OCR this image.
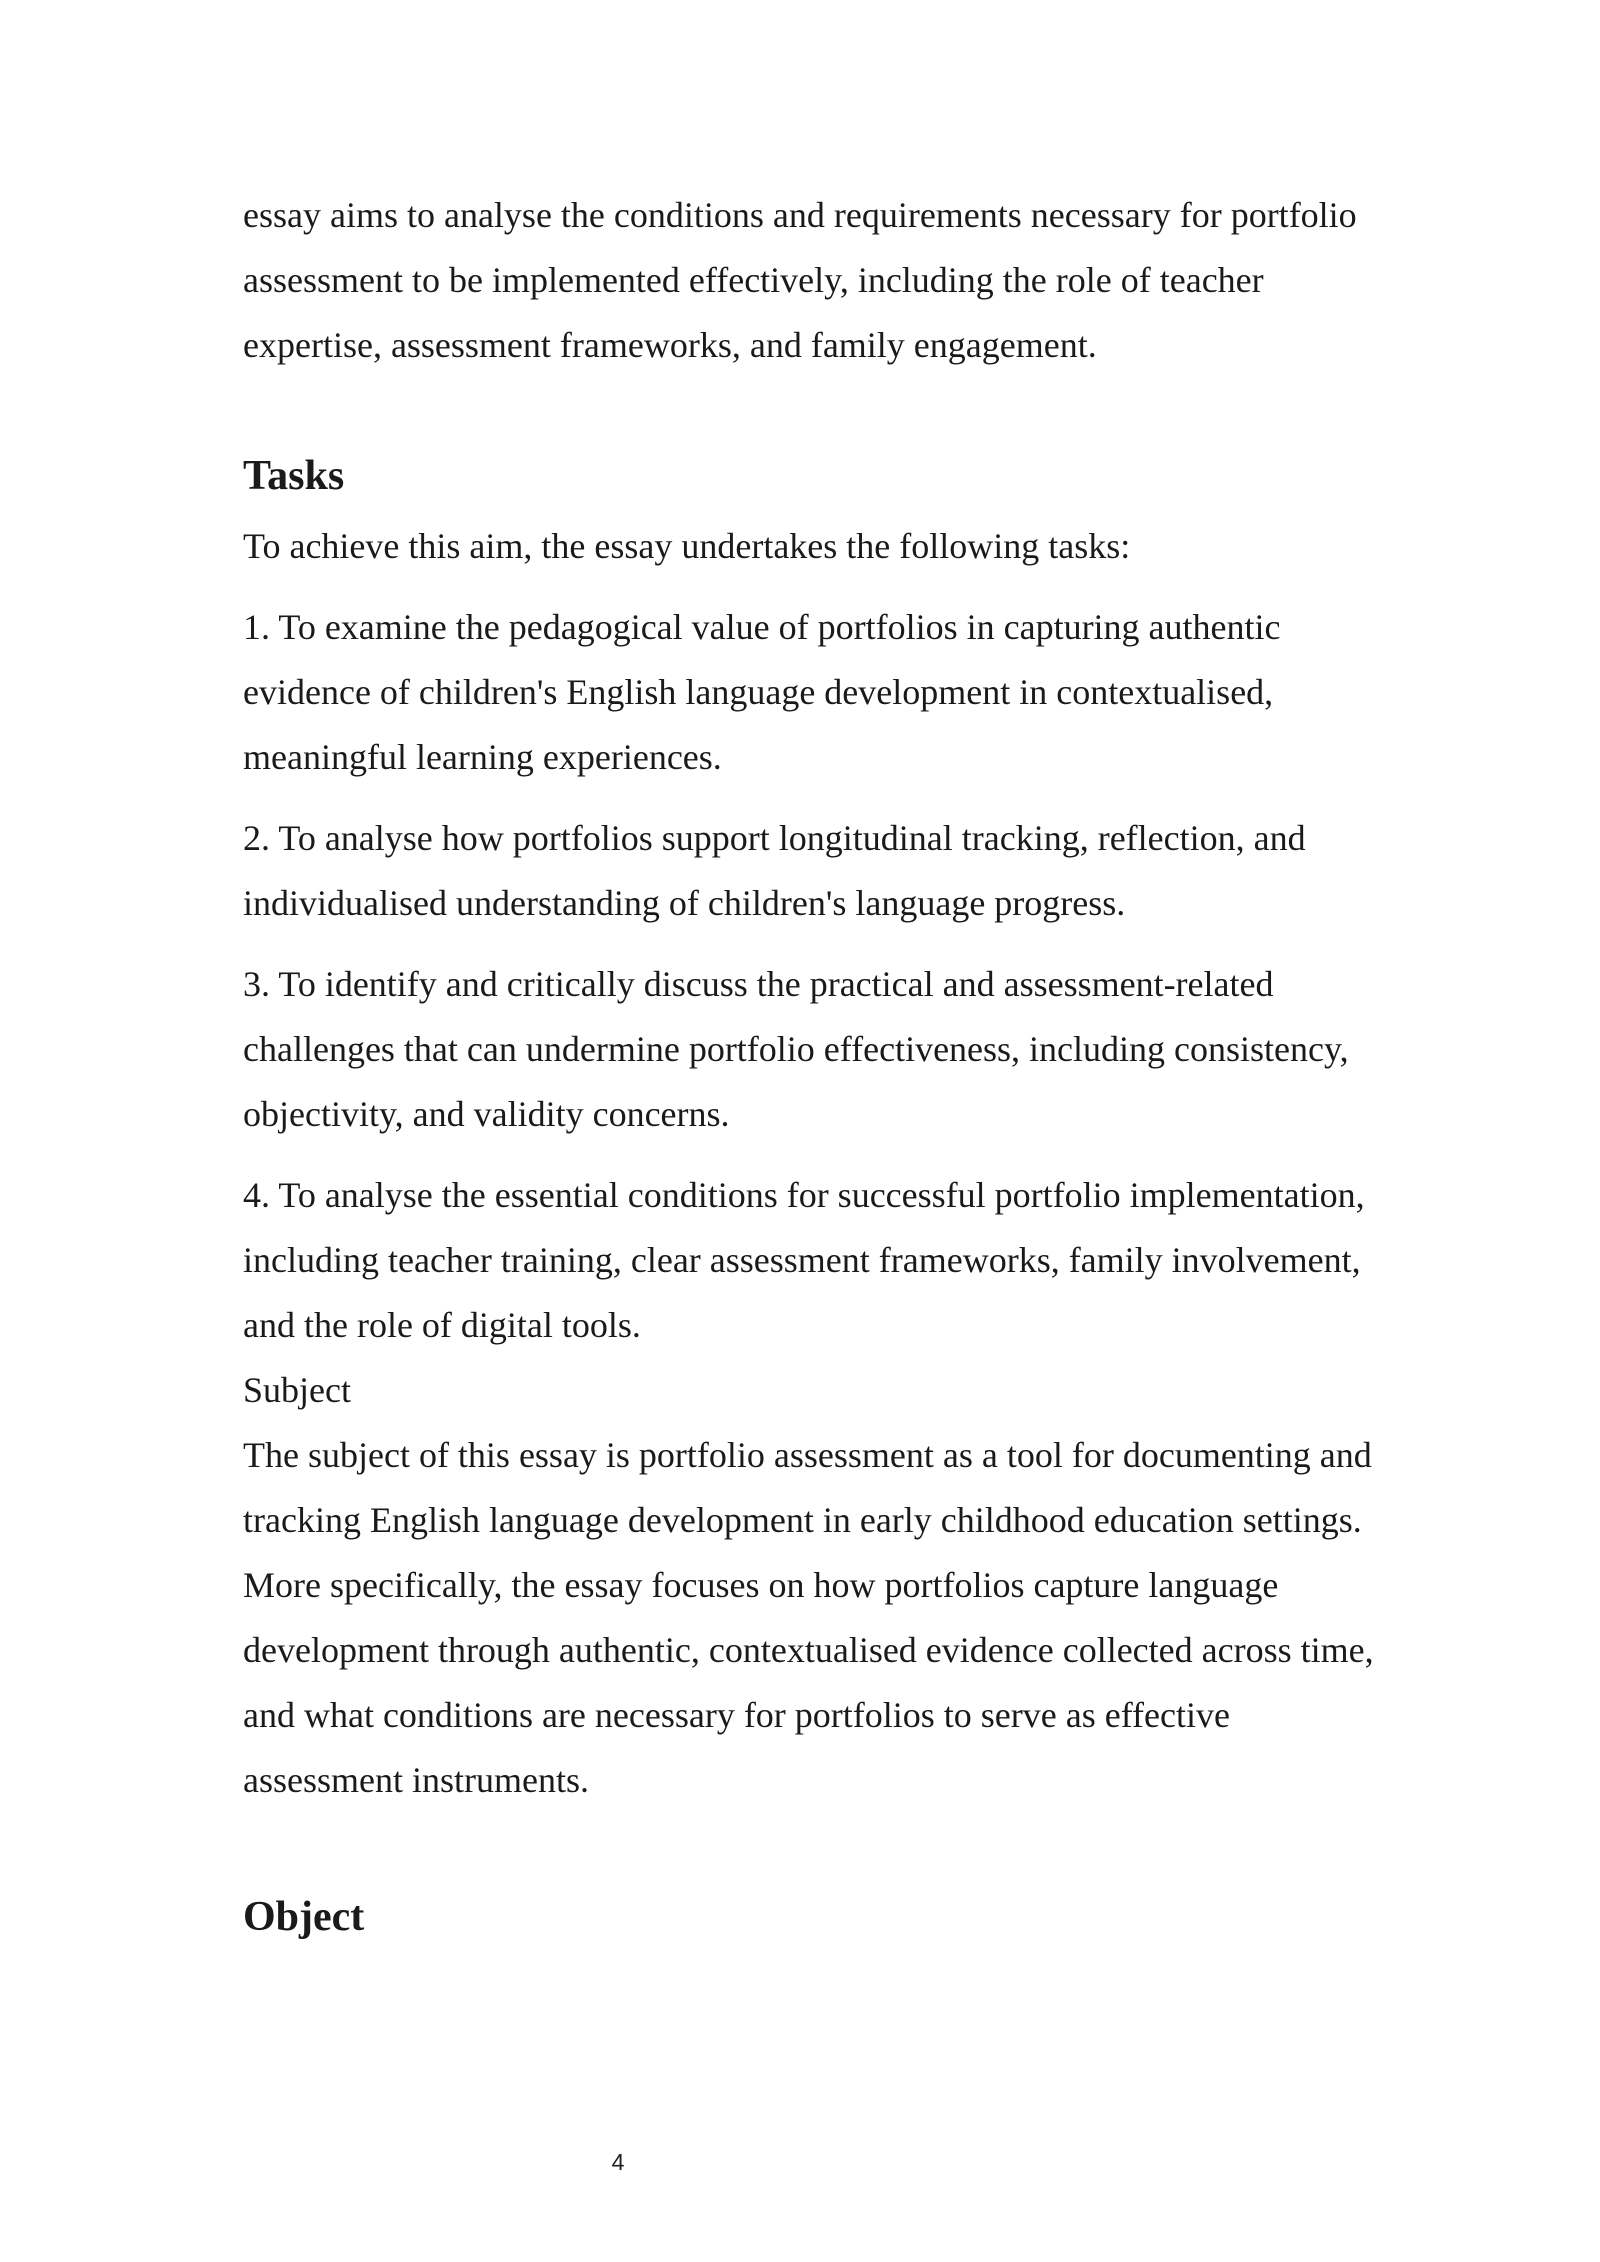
essay aims to analyse the conditions and requirements necessary for portfolio assessment to be implemented effectively, including the role of teacher expertise, assessment frameworks, and family engagement.

Tasks

To achieve this aim, the essay undertakes the following tasks:

1. To examine the pedagogical value of portfolios in capturing authentic evidence of children's English language development in contextualised, meaningful learning experiences.

2. To analyse how portfolios support longitudinal tracking, reflection, and individualised understanding of children's language progress.

3. To identify and critically discuss the practical and assessment-related challenges that can undermine portfolio effectiveness, including consistency, objectivity, and validity concerns.

4. To analyse the essential conditions for successful portfolio implementation, including teacher training, clear assessment frameworks, family involvement, and the role of digital tools.

Subject

The subject of this essay is portfolio assessment as a tool for documenting and tracking English language development in early childhood education settings. More specifically, the essay focuses on how portfolios capture language development through authentic, contextualised evidence collected across time, and what conditions are necessary for portfolios to serve as effective assessment instruments.

Object
4
